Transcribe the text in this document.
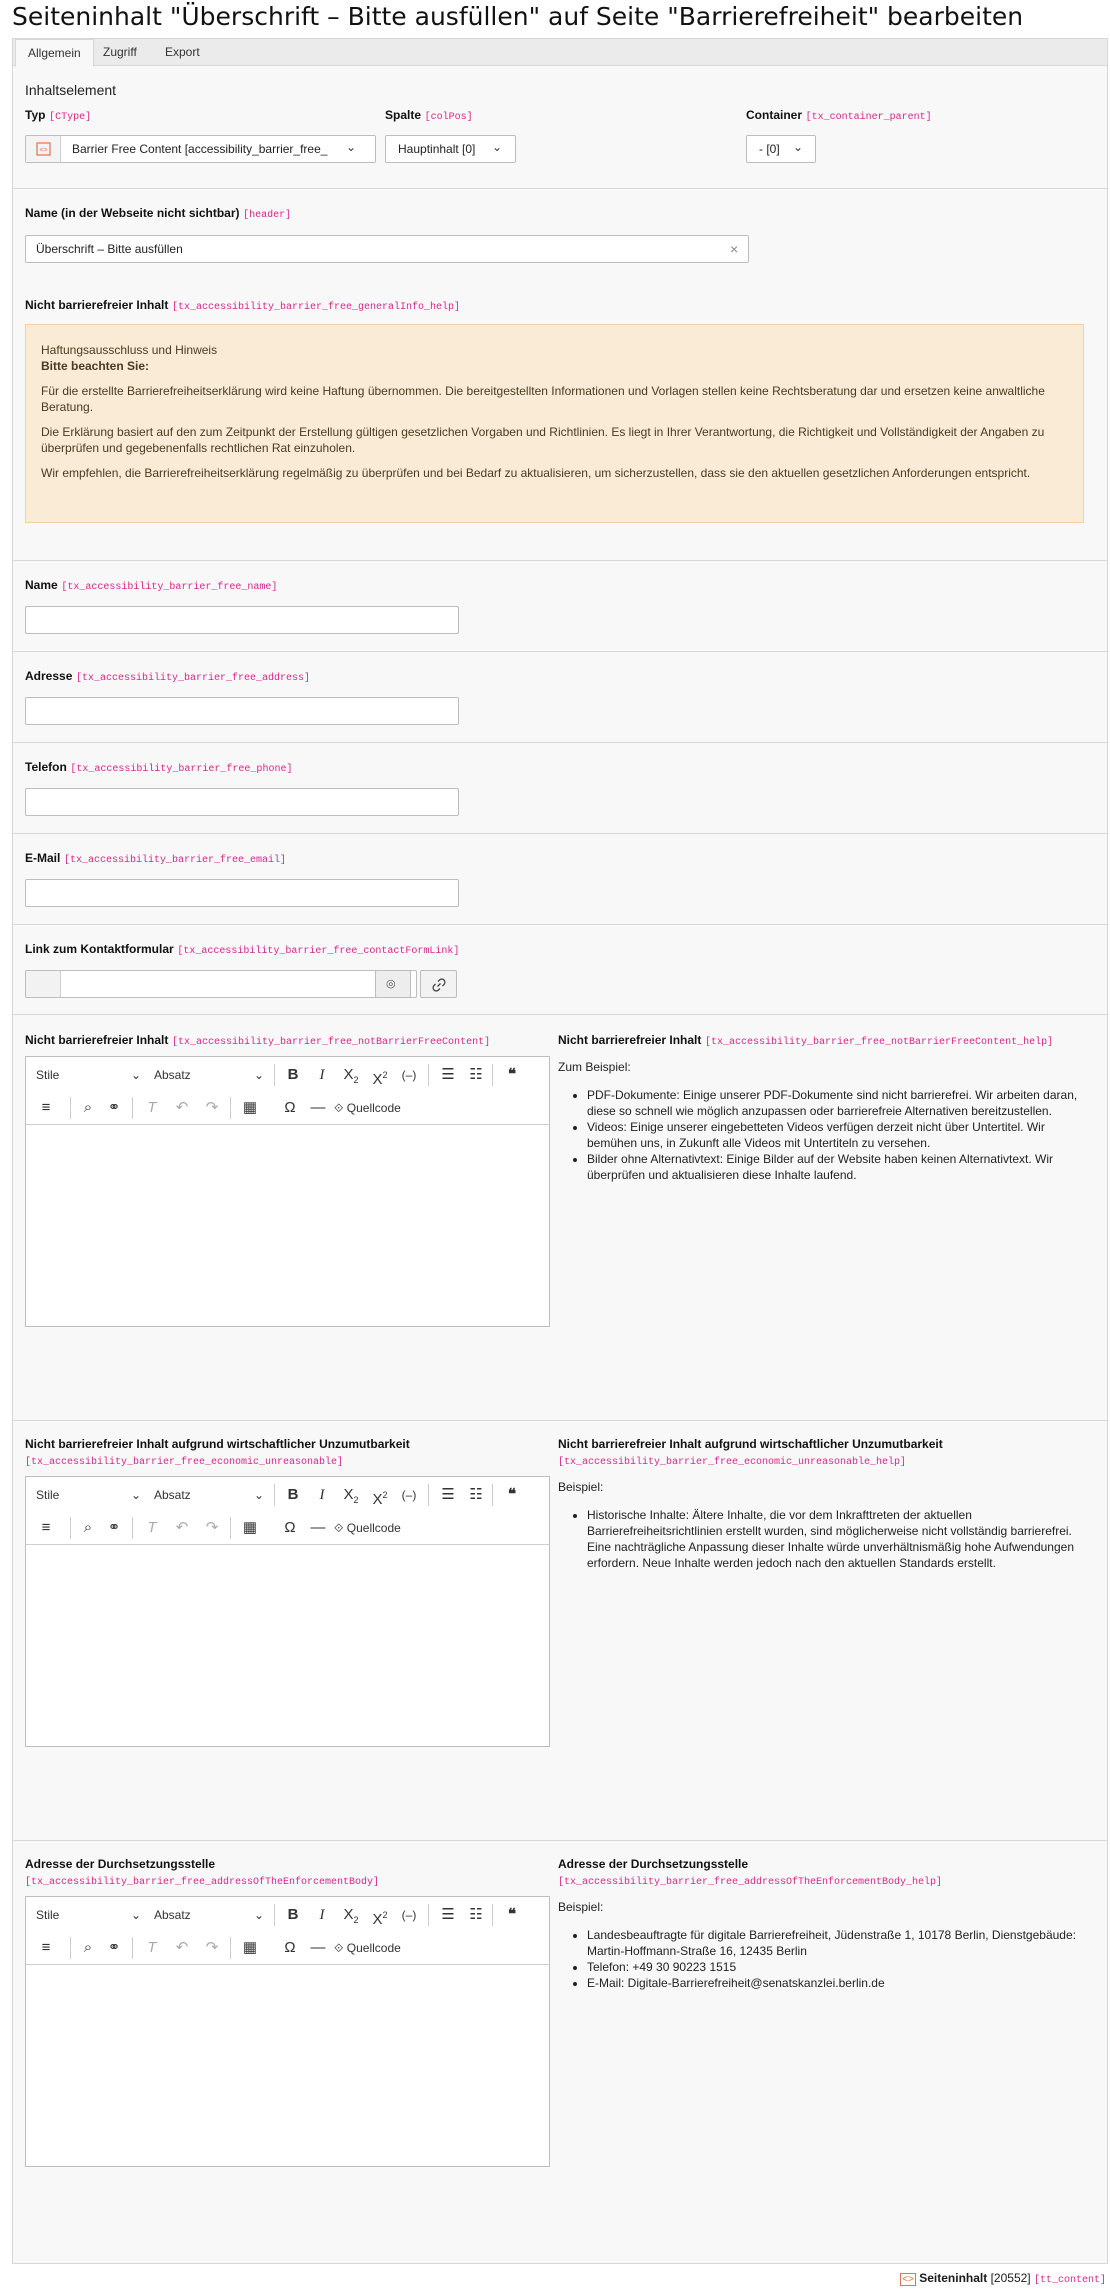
Seiteninhalt "Überschrift – Bitte ausfüllen" auf Seite "Barrierefreiheit" bearbeiten
Allgemein	Zugriff	Export
Inhaltselement
Typ [CType]
<> Barrier Free Content [accessibility_barrier_free_	⌄
Spalte [colPos]
Hauptinhalt [0] ⌄
Container [tx_container_parent]
- [0] ⌄
Name (in der Webseite nicht sichtbar) [header]
Überschrift – Bitte ausfüllen	×
Nicht barrierefreier Inhalt [tx_accessibility_barrier_free_generalInfo_help]
Haftungsausschluss und Hinweis
Bitte beachten Sie:

Für die erstellte Barrierefreiheitserklärung wird keine Haftung übernommen. Die bereitgestellten Informationen und Vorlagen stellen keine Rechtsberatung dar und ersetzen keine anwaltliche Beratung.

Die Erklärung basiert auf den zum Zeitpunkt der Erstellung gültigen gesetzlichen Vorgaben und Richtlinien. Es liegt in Ihrer Verantwortung, die Richtigkeit und Vollständigkeit der Angaben zu überprüfen und gegebenenfalls rechtlichen Rat einzuholen.

Wir empfehlen, die Barrierefreiheitserklärung regelmäßig zu überprüfen und bei Bedarf zu aktualisieren, um sicherzustellen, dass sie den aktuellen gesetzlichen Anforderungen entspricht.

Name [tx_accessibility_barrier_free_name]
Adresse [tx_accessibility_barrier_free_address]
Telefon [tx_accessibility_barrier_free_phone]
E-Mail [tx_accessibility_barrier_free_email]
Link zum Kontaktformular [tx_accessibility_barrier_free_contactFormLink]
◎
Nicht barrierefreier Inhalt [tx_accessibility_barrier_free_notBarrierFreeContent]
Stile	⌄ Absatz	⌄	B	I	$X_2$ $X^2$	(–)	☰ ☷	❝
≡	⌕	⚭	T	↶	↷	▦	Ω — ⟐ Quellcode
Nicht barrierefreier Inhalt [tx_accessibility_barrier_free_notBarrierFreeContent_help]
Zum Beispiel:
• PDF-Dokumente: Einige unserer PDF-Dokumente sind nicht barrierefrei. Wir arbeiten daran, diese so schnell wie möglich anzupassen oder barrierefreie Alternativen bereitzustellen.
• Videos: Einige unserer eingebetteten Videos verfügen derzeit nicht über Untertitel. Wir bemühen uns, in Zukunft alle Videos mit Untertiteln zu versehen.
• Bilder ohne Alternativtext: Einige Bilder auf der Website haben keinen Alternativtext. Wir überprüfen und aktualisieren diese Inhalte laufend.
Nicht barrierefreier Inhalt aufgrund wirtschaftlicher Unzumutbarkeit [tx_accessibility_barrier_free_economic_unreasonable]
Stile	⌄ Absatz	⌄	B	I	$X_2$ $X^2$	(–)	☰ ☷	❝
≡	⌕	⚭	T	↶	↷	▦	Ω — ⟐ Quellcode
Nicht barrierefreier Inhalt aufgrund wirtschaftlicher Unzumutbarkeit [tx_accessibility_barrier_free_economic_unreasonable_help]
Beispiel:
• Historische Inhalte: Ältere Inhalte, die vor dem Inkrafttreten der aktuellen Barrierefreiheitsrichtlinien erstellt wurden, sind möglicherweise nicht vollständig barrierefrei. Eine nachträgliche Anpassung dieser Inhalte würde unverhältnismäßig hohe Aufwendungen erfordern. Neue Inhalte werden jedoch nach den aktuellen Standards erstellt.
Adresse der Durchsetzungsstelle [tx_accessibility_barrier_free_addressOfTheEnforcementBody]
Stile	⌄ Absatz	⌄	B	I	$X_2$ $X^2$	(–)	☰ ☷	❝
≡	⌕	⚭	T	↶	↷	▦	Ω — ⟐ Quellcode
Adresse der Durchsetzungsstelle [tx_accessibility_barrier_free_addressOfTheEnforcementBody_help]
Beispiel:
• Landesbeauftragte für digitale Barrierefreiheit, Jüdenstraße 1, 10178 Berlin, Dienstgebäude: Martin-Hoffmann-Straße 16, 12435 Berlin
• Telefon: +49 30 90223 1515
• E-Mail: Digitale-Barrierefreiheit@senatskanzlei.berlin.de
<> Seiteninhalt [20552] [tt_content]
